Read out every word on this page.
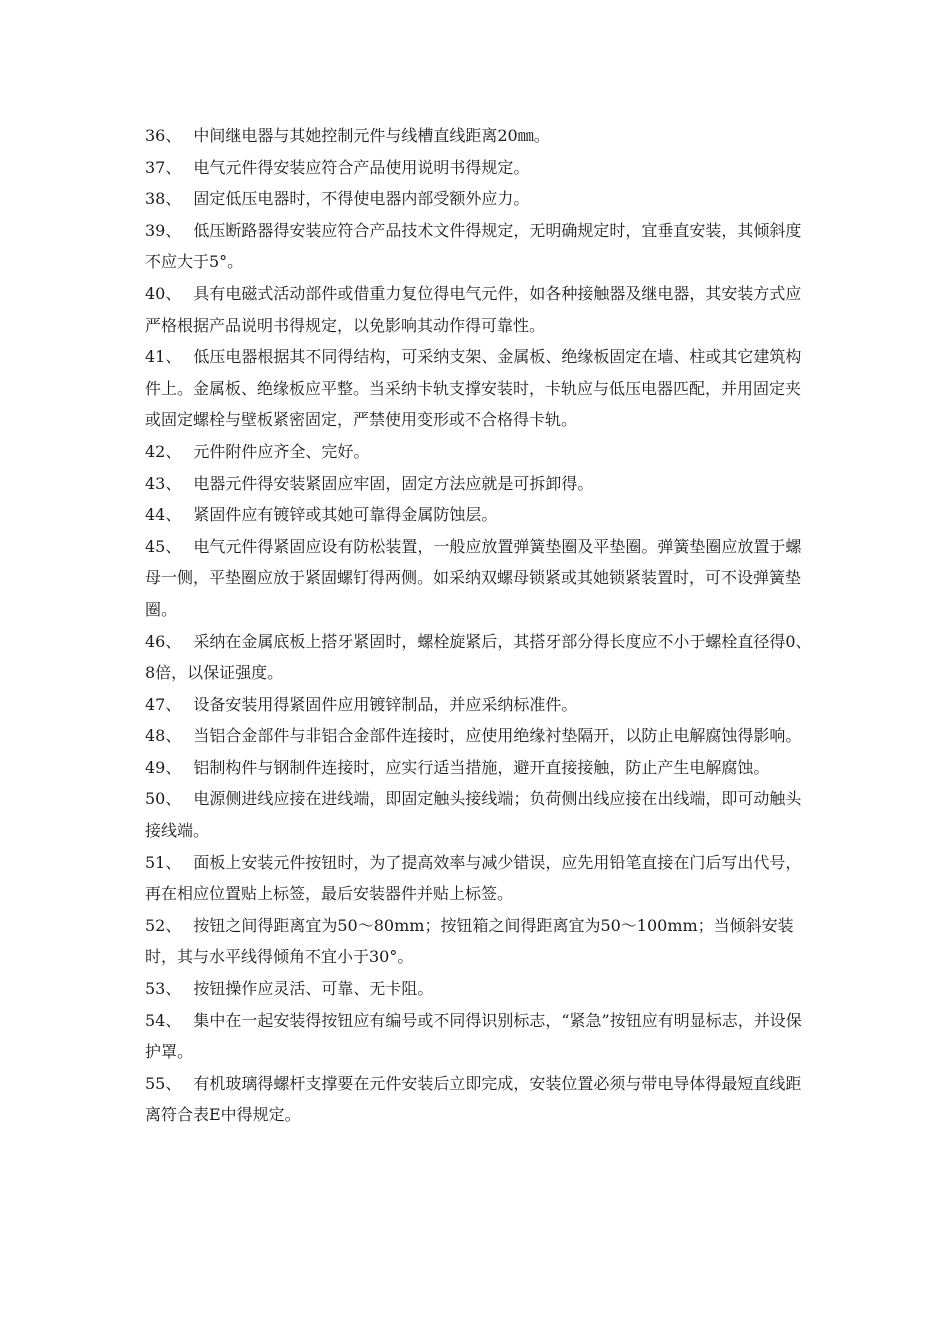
36、 中间继电器与其她控制元件与线槽直线距离20㎜。

37、 电气元件得安装应符合产品使用说明书得规定。

38、 固定低压电器时，不得使电器内部受额外应力。

39、 低压断路器得安装应符合产品技术文件得规定，无明确规定时，宜垂直安装，其倾斜度不应大于5°。

40、 具有电磁式活动部件或借重力复位得电气元件，如各种接触器及继电器，其安装方式应严格根据产品说明书得规定，以免影响其动作得可靠性。

41、 低压电器根据其不同得结构，可采纳支架、金属板、绝缘板固定在墙、柱或其它建筑构件上。金属板、绝缘板应平整。当采纳卡轨支撑安装时，卡轨应与低压电器匹配，并用固定夹或固定螺栓与壁板紧密固定，严禁使用变形或不合格得卡轨。

42、 元件附件应齐全、完好。

43、 电器元件得安装紧固应牢固，固定方法应就是可拆卸得。

44、 紧固件应有镀锌或其她可靠得金属防蚀层。

45、 电气元件得紧固应设有防松装置，一般应放置弹簧垫圈及平垫圈。弹簧垫圈应放置于螺母一侧，平垫圈应放于紧固螺钉得两侧。如采纳双螺母锁紧或其她锁紧装置时，可不设弹簧垫圈。

46、 采纳在金属底板上搭牙紧固时，螺栓旋紧后，其搭牙部分得长度应不小于螺栓直径得0、8倍，以保证强度。

47、 设备安装用得紧固件应用镀锌制品，并应采纳标准件。

48、 当铝合金部件与非铝合金部件连接时，应使用绝缘衬垫隔开，以防止电解腐蚀得影响。

49、 铝制构件与钢制件连接时，应实行适当措施，避开直接接触，防止产生电解腐蚀。

50、 电源侧进线应接在进线端，即固定触头接线端；负荷侧出线应接在出线端，即可动触头接线端。

51、 面板上安装元件按钮时，为了提高效率与减少错误，应先用铅笔直接在门后写出代号，再在相应位置贴上标签，最后安装器件并贴上标签。

52、 按钮之间得距离宜为50～80mm；按钮箱之间得距离宜为50～100mm；当倾斜安装时，其与水平线得倾角不宜小于30°。

53、 按钮操作应灵活、可靠、无卡阻。

54、 集中在一起安装得按钮应有编号或不同得识别标志，“紧急”按钮应有明显标志，并设保护罩。

55、 有机玻璃得螺杆支撑要在元件安装后立即完成，安装位置必须与带电导体得最短直线距离符合表E中得规定。
